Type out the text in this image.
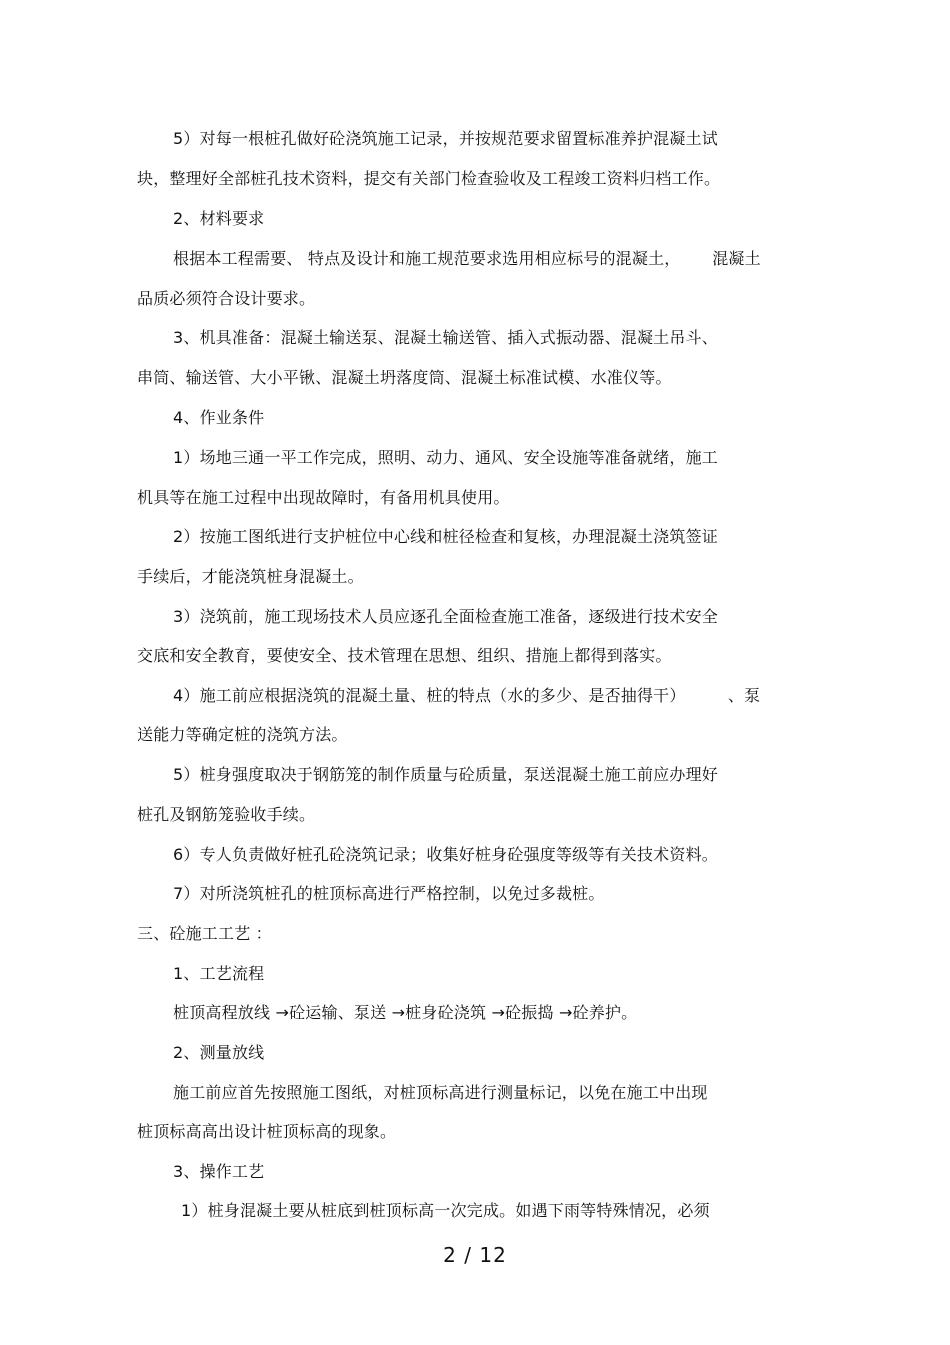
5）对每一根桩孔做好砼浇筑施工记录，并按规范要求留置标准养护混凝土试
块，整理好全部桩孔技术资料，提交有关部门检查验收及工程竣工资料归档工作。
2、材料要求
根据本工程需要、 特点及设计和施工规范要求选用相应标号的混凝土，      混凝土
品质必须符合设计要求。
3、机具准备：混凝土输送泵、混凝土输送管、插入式振动器、混凝土吊斗、
串筒、输送管、大小平锹、混凝土坍落度筒、混凝土标准试模、水准仪等。
4、作业条件
1）场地三通一平工作完成，照明、动力、通风、安全设施等准备就绪，施工
机具等在施工过程中出现故障时，有备用机具使用。
2）按施工图纸进行支护桩位中心线和桩径检查和复核，办理混凝土浇筑签证
手续后，才能浇筑桩身混凝土。
3）浇筑前，施工现场技术人员应逐孔全面检查施工准备，逐级进行技术安全
交底和安全教育，要使安全、技术管理在思想、组织、措施上都得到落实。
4）施工前应根据浇筑的混凝土量、桩的特点（水的多少、是否抽得干）        、泵
送能力等确定桩的浇筑方法。
5）桩身强度取决于钢筋笼的制作质量与砼质量，泵送混凝土施工前应办理好
桩孔及钢筋笼验收手续。
6）专人负责做好桩孔砼浇筑记录；收集好桩身砼强度等级等有关技术资料。
7）对所浇筑桩孔的桩顶标高进行严格控制，以免过多裁桩。
三、砼施工工艺 ：
1、工艺流程
桩顶高程放线 →砼运输、泵送 →桩身砼浇筑 →砼振捣 →砼养护。
2、测量放线
施工前应首先按照施工图纸，对桩顶标高进行测量标记，以免在施工中出现
桩顶标高高出设计桩顶标高的现象。
3、操作工艺
1）桩身混凝土要从桩底到桩顶标高一次完成。如遇下雨等特殊情况，必须
2 / 12
